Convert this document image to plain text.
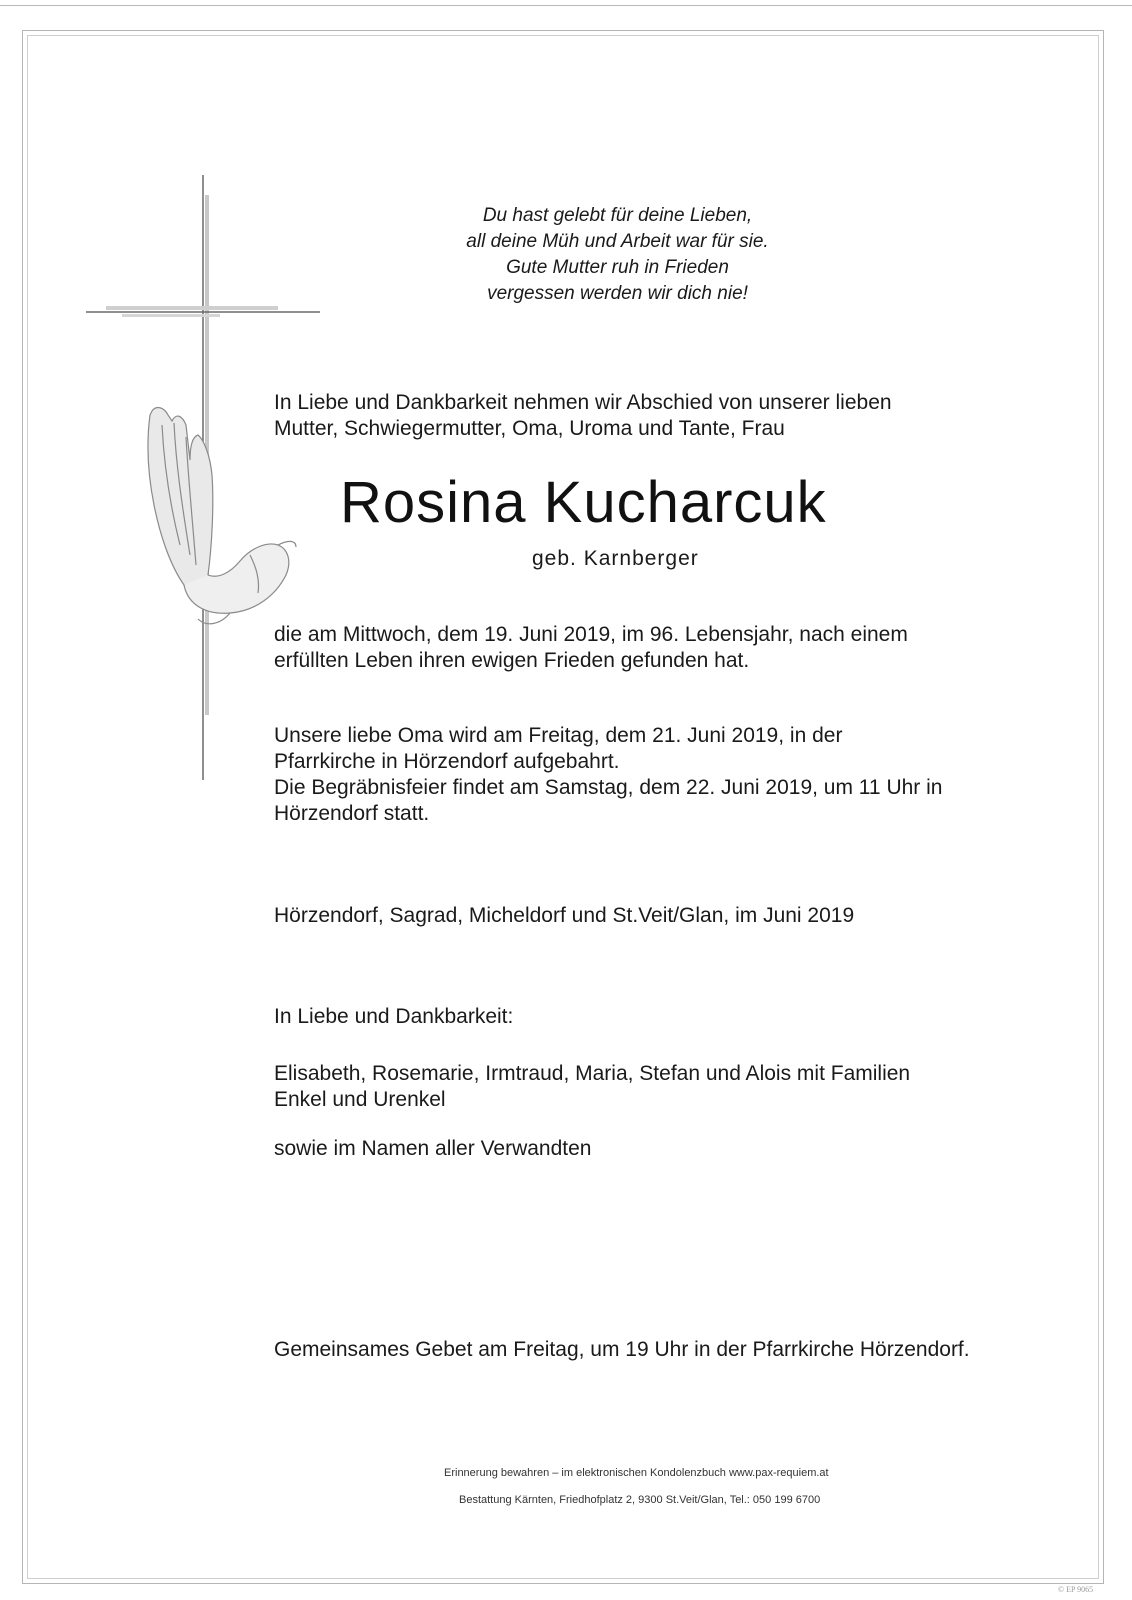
Du hast gelebt für deine Lieben,
all deine Müh und Arbeit war für sie.
Gute Mutter ruh in Frieden
vergessen werden wir dich nie!
In Liebe und Dankbarkeit nehmen wir Abschied von unserer lieben
Mutter, Schwiegermutter, Oma, Uroma und Tante, Frau
Rosina Kucharcuk
geb. Karnberger
die am Mittwoch, dem 19. Juni 2019, im 96. Lebensjahr, nach einem
erfüllten Leben ihren ewigen Frieden gefunden hat.
Unsere liebe Oma wird am Freitag, dem 21. Juni 2019, in der
Pfarrkirche in Hörzendorf aufgebahrt.
Die Begräbnisfeier findet am Samstag, dem 22. Juni 2019, um 11 Uhr in
Hörzendorf statt.
Hörzendorf, Sagrad, Micheldorf und St.Veit/Glan, im Juni 2019
In Liebe und Dankbarkeit:
Elisabeth, Rosemarie, Irmtraud, Maria, Stefan und Alois mit Familien
Enkel und Urenkel
sowie im Namen aller Verwandten
Gemeinsames Gebet am Freitag, um 19 Uhr in der Pfarrkirche Hörzendorf.
Erinnerung bewahren – im elektronischen Kondolenzbuch www.pax-requiem.at
Bestattung Kärnten, Friedhofplatz 2, 9300 St.Veit/Glan, Tel.: 050 199 6700
© EP 9065
